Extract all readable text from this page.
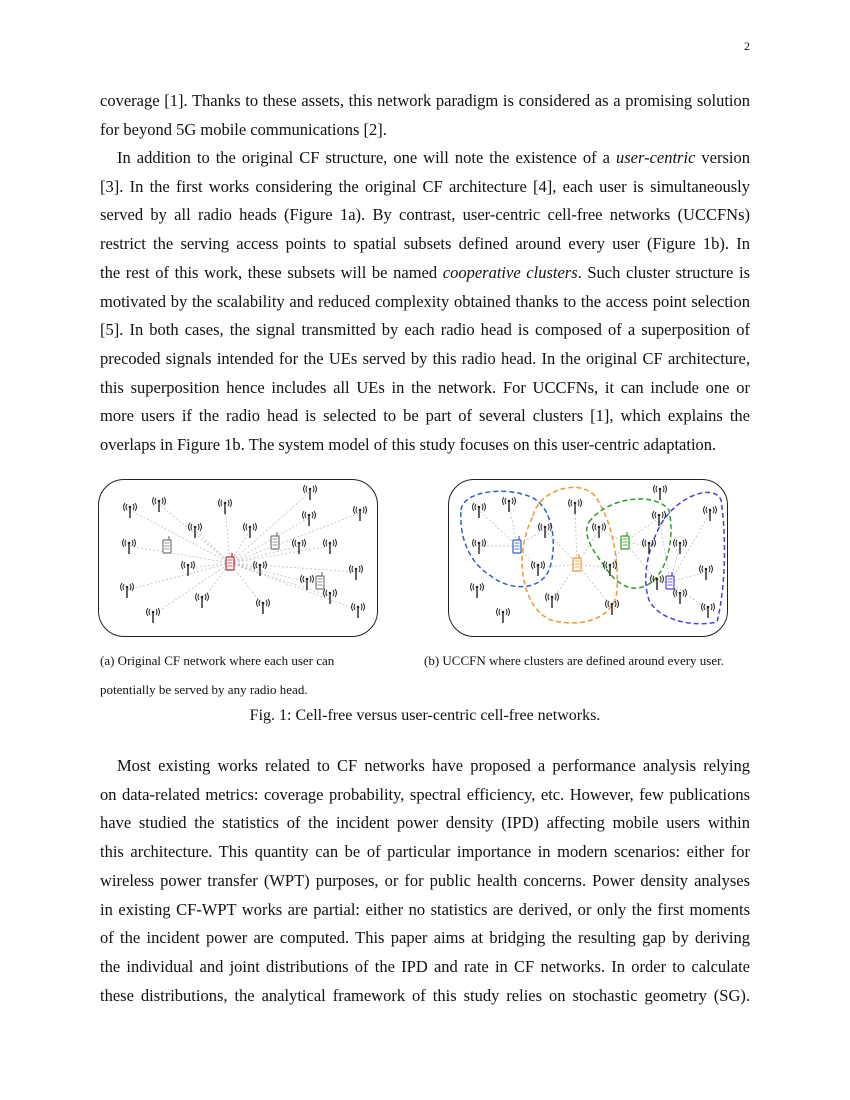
2
coverage [1]. Thanks to these assets, this network paradigm is considered as a promising solution
for beyond 5G mobile communications [2].
In addition to the original CF structure, one will note the existence of a user-centric version
[3]. In the first works considering the original CF architecture [4], each user is simultaneously
served by all radio heads (Figure 1a). By contrast, user-centric cell-free networks (UCCFNs)
restrict the serving access points to spatial subsets defined around every user (Figure 1b). In
the rest of this work, these subsets will be named cooperative clusters. Such cluster structure is
motivated by the scalability and reduced complexity obtained thanks to the access point selection
[5]. In both cases, the signal transmitted by each radio head is composed of a superposition of
precoded signals intended for the UEs served by this radio head. In the original CF architecture,
this superposition hence includes all UEs in the network. For UCCFNs, it can include one or
more users if the radio head is selected to be part of several clusters [1], which explains the
overlaps in Figure 1b. The system model of this study focuses on this user-centric adaptation.
(a) Original CF network where each user can
potentially be served by any radio head.
(b) UCCFN where clusters are defined around every user.
Fig. 1: Cell-free versus user-centric cell-free networks.
Most existing works related to CF networks have proposed a performance analysis relying
on data-related metrics: coverage probability, spectral efficiency, etc. However, few publications
have studied the statistics of the incident power density (IPD) affecting mobile users within
this architecture. This quantity can be of particular importance in modern scenarios: either for
wireless power transfer (WPT) purposes, or for public health concerns. Power density analyses
in existing CF-WPT works are partial: either no statistics are derived, or only the first moments
of the incident power are computed. This paper aims at bridging the resulting gap by deriving
the individual and joint distributions of the IPD and rate in CF networks. In order to calculate
these distributions, the analytical framework of this study relies on stochastic geometry (SG).
